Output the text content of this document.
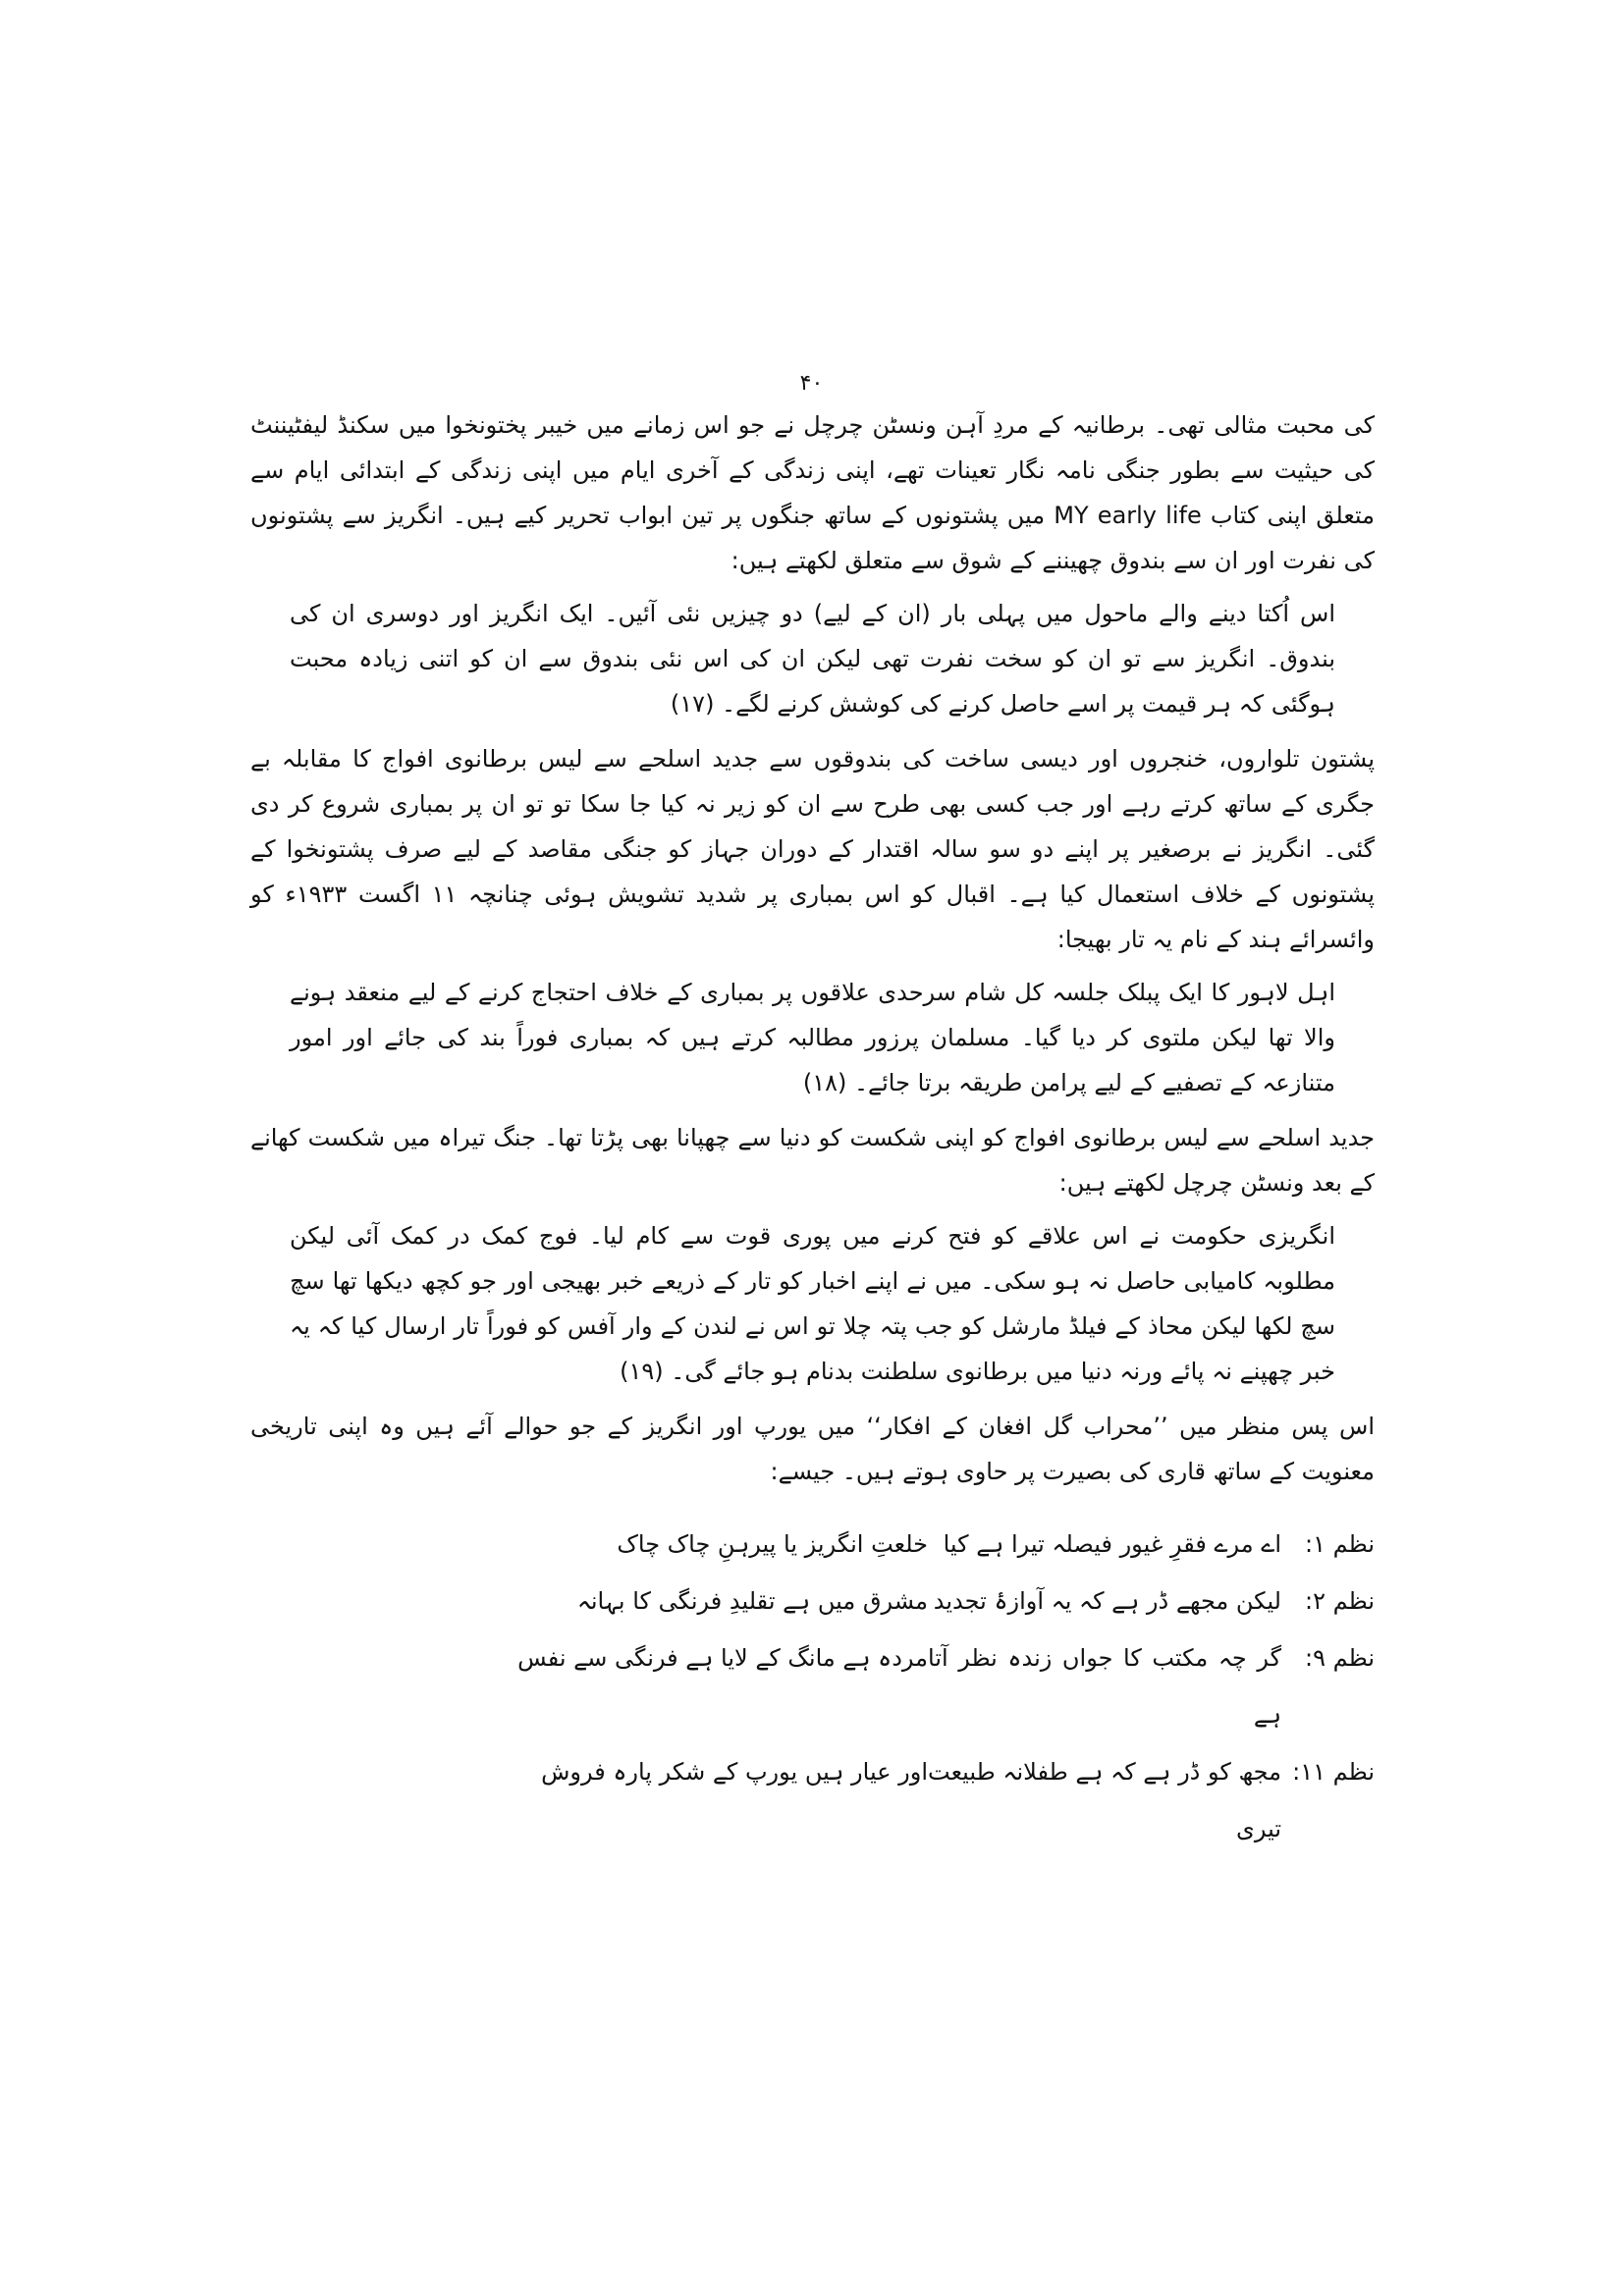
۴۰

کی محبت مثالی تھی۔ برطانیہ کے مردِ آہن ونسٹن چرچل نے جو اس زمانے میں خیبر پختونخوا میں سکنڈ لیفٹیننٹ کی حیثیت سے بطور جنگی نامہ نگار تعینات تھے، اپنی زندگی کے آخری ایام میں اپنی زندگی کے ابتدائی ایام سے متعلق اپنی کتاب MY early life میں پشتونوں کے ساتھ جنگوں پر تین ابواب تحریر کیے ہیں۔ انگریز سے پشتونوں کی نفرت اور ان سے بندوق چھیننے کے شوق سے متعلق لکھتے ہیں:

اس اُکتا دینے والے ماحول میں پہلی بار (ان کے لیے) دو چیزیں نئی آئیں۔ ایک انگریز اور دوسری ان کی بندوق۔ انگریز سے تو ان کو سخت نفرت تھی لیکن ان کی اس نئی بندوق سے ان کو اتنی زیادہ محبت ہوگئی کہ ہر قیمت پر اسے حاصل کرنے کی کوشش کرنے لگے۔ (۱۷)

پشتون تلواروں، خنجروں اور دیسی ساخت کی بندوقوں سے جدید اسلحے سے لیس برطانوی افواج کا مقابلہ بے جگری کے ساتھ کرتے رہے اور جب کسی بھی طرح سے ان کو زیر نہ کیا جا سکا تو تو ان پر بمباری شروع کر دی گئی۔ انگریز نے برصغیر پر اپنے دو سو سالہ اقتدار کے دوران جہاز کو جنگی مقاصد کے لیے صرف پشتونخوا کے پشتونوں کے خلاف استعمال کیا ہے۔ اقبال کو اس بمباری پر شدید تشویش ہوئی چنانچہ ۱۱ اگست ۱۹۳۳ء کو وائسرائے ہند کے نام یہ تار بھیجا:

اہل لاہور کا ایک پبلک جلسہ کل شام سرحدی علاقوں پر بمباری کے خلاف احتجاج کرنے کے لیے منعقد ہونے والا تھا لیکن ملتوی کر دیا گیا۔ مسلمان پرزور مطالبہ کرتے ہیں کہ بمباری فوراً بند کی جائے اور امور متنازعہ کے تصفیے کے لیے پرامن طریقہ برتا جائے۔ (۱۸)

جدید اسلحے سے لیس برطانوی افواج کو اپنی شکست کو دنیا سے چھپانا بھی پڑتا تھا۔ جنگ تیراہ میں شکست کھانے کے بعد ونسٹن چرچل لکھتے ہیں:

انگریزی حکومت نے اس علاقے کو فتح کرنے میں پوری قوت سے کام لیا۔ فوج کمک در کمک آئی لیکن مطلوبہ کامیابی حاصل نہ ہو سکی۔ میں نے اپنے اخبار کو تار کے ذریعے خبر بھیجی اور جو کچھ دیکھا تھا سچ سچ لکھا لیکن محاذ کے فیلڈ مارشل کو جب پتہ چلا تو اس نے لندن کے وار آفس کو فوراً تار ارسال کیا کہ یہ خبر چھپنے نہ پائے ورنہ دنیا میں برطانوی سلطنت بدنام ہو جائے گی۔ (۱۹)

اس پس منظر میں ’’محراب گل افغان کے افکار‘‘ میں یورپ اور انگریز کے جو حوالے آئے ہیں وہ اپنی تاریخی معنویت کے ساتھ قاری کی بصیرت پر حاوی ہوتے ہیں۔ جیسے:

نظم ۱:
اے مرے فقرِ غیور فیصلہ تیرا ہے کیا
خلعتِ انگریز یا پیرہنِ چاک چاک
نظم ۲:
لیکن مجھے ڈر ہے کہ یہ آوازۂ تجدید
مشرق میں ہے تقلیدِ فرنگی کا بہانہ
نظم ۹:
گر چہ مکتب کا جواں زندہ نظر آتا ہے
مردہ ہے مانگ کے لایا ہے فرنگی سے نفس
نظم ۱۱:
مجھ کو ڈر ہے کہ ہے طفلانہ طبیعت تیری
اور عیار ہیں یورپ کے شکر پارہ فروش
